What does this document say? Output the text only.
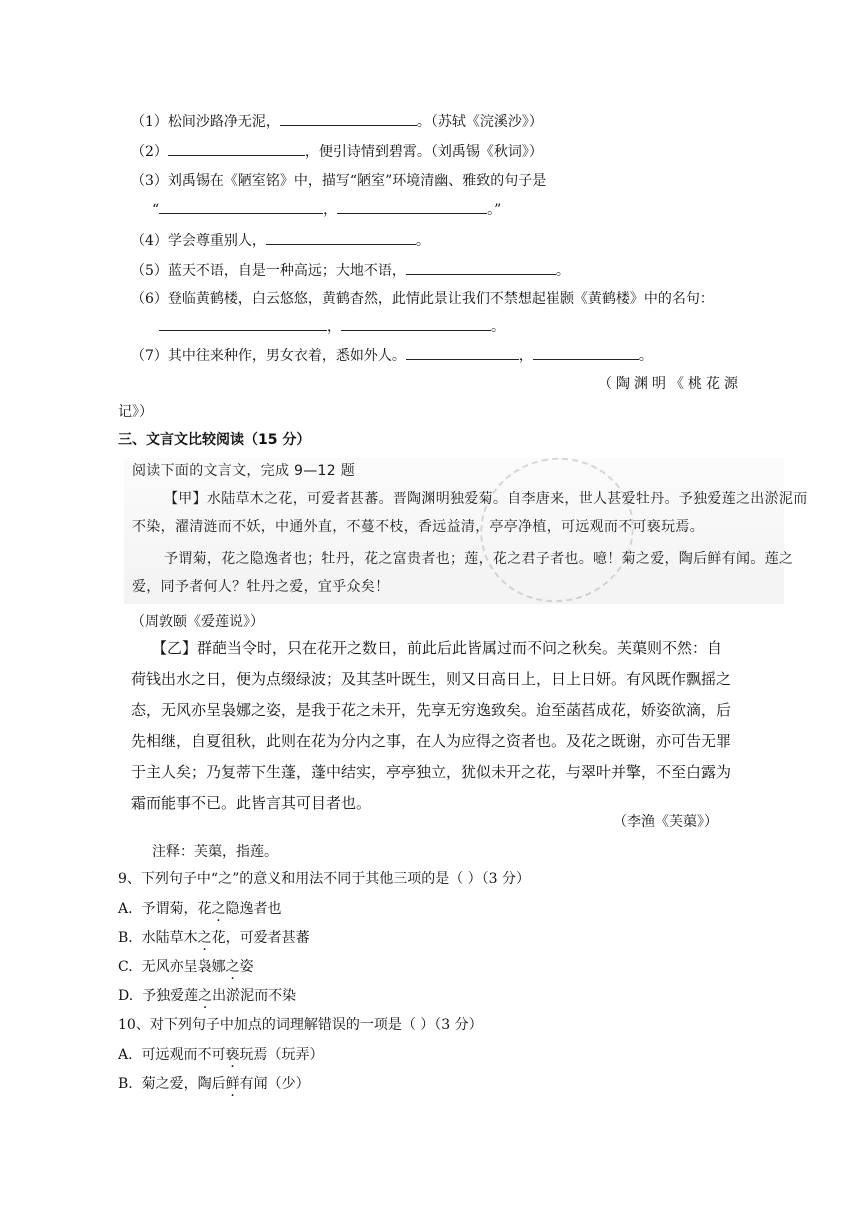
（1）松间沙路净无泥，	。（苏轼《浣溪沙》）
（2）	，便引诗情到碧霄。（刘禹锡《秋词》）
（3）刘禹锡在《陋室铭》中，描写“陋室”环境清幽、雅致的句子是
“	，	。”
（4）学会尊重别人，	。
（5）蓝天不语，自是一种高远；大地不语，	。
（6）登临黄鹤楼，白云悠悠，黄鹤杳然，此情此景让我们不禁想起崔颢《黄鹤楼》中的名句：
，	。
（7）其中往来种作，男女衣着，悉如外人。	，	。
（陶渊明《桃花源
记》）
三、文言文比较阅读（15 分）
阅读下面的文言文，完成 9—12 题
【甲】水陆草木之花，可爱者甚蕃。晋陶渊明独爱菊。自李唐来，世人甚爱牡丹。予独爱莲之出淤泥而
不染，濯清涟而不妖，中通外直，不蔓不枝，香远益清，亭亭净植，可远观而不可亵玩焉。
予谓菊，花之隐逸者也；牡丹，花之富贵者也；莲，花之君子者也。噫！菊之爱，陶后鲜有闻。莲之
爱，同予者何人？牡丹之爱，宜乎众矣！
（周敦颐《爱莲说》）
【乙】群葩当令时，只在花开之数日，前此后此皆属过而不问之秋矣。芙蕖则不然：自
荷钱出水之日，便为点缀绿波；及其茎叶既生，则又日高日上，日上日妍。有风既作飘摇之
态，无风亦呈袅娜之姿，是我于花之未开，先享无穷逸致矣。迨至菡萏成花，娇姿欲滴，后
先相继，自夏徂秋，此则在花为分内之事，在人为应得之资者也。及花之既谢，亦可告无罪
于主人矣；乃复蒂下生蓬，蓬中结实，亭亭独立，犹似未开之花，与翠叶并擎，不至白露为
霜而能事不已。此皆言其可目者也。
（李渔《芙蕖》）
注释：芙蕖，指莲。
9、下列句子中“之”的意义和用法不同于其他三项的是（ ）（3 分）
A. 予谓菊，花之隐逸者也
B. 水陆草木之花，可爱者甚蕃
C. 无风亦呈袅娜之姿
D. 予独爱莲之出淤泥而不染
10、对下列句子中加点的词理解错误的一项是（ ）（3 分）
A. 可远观而不可亵玩焉（玩弄）
B. 菊之爱，陶后鲜有闻（少）
